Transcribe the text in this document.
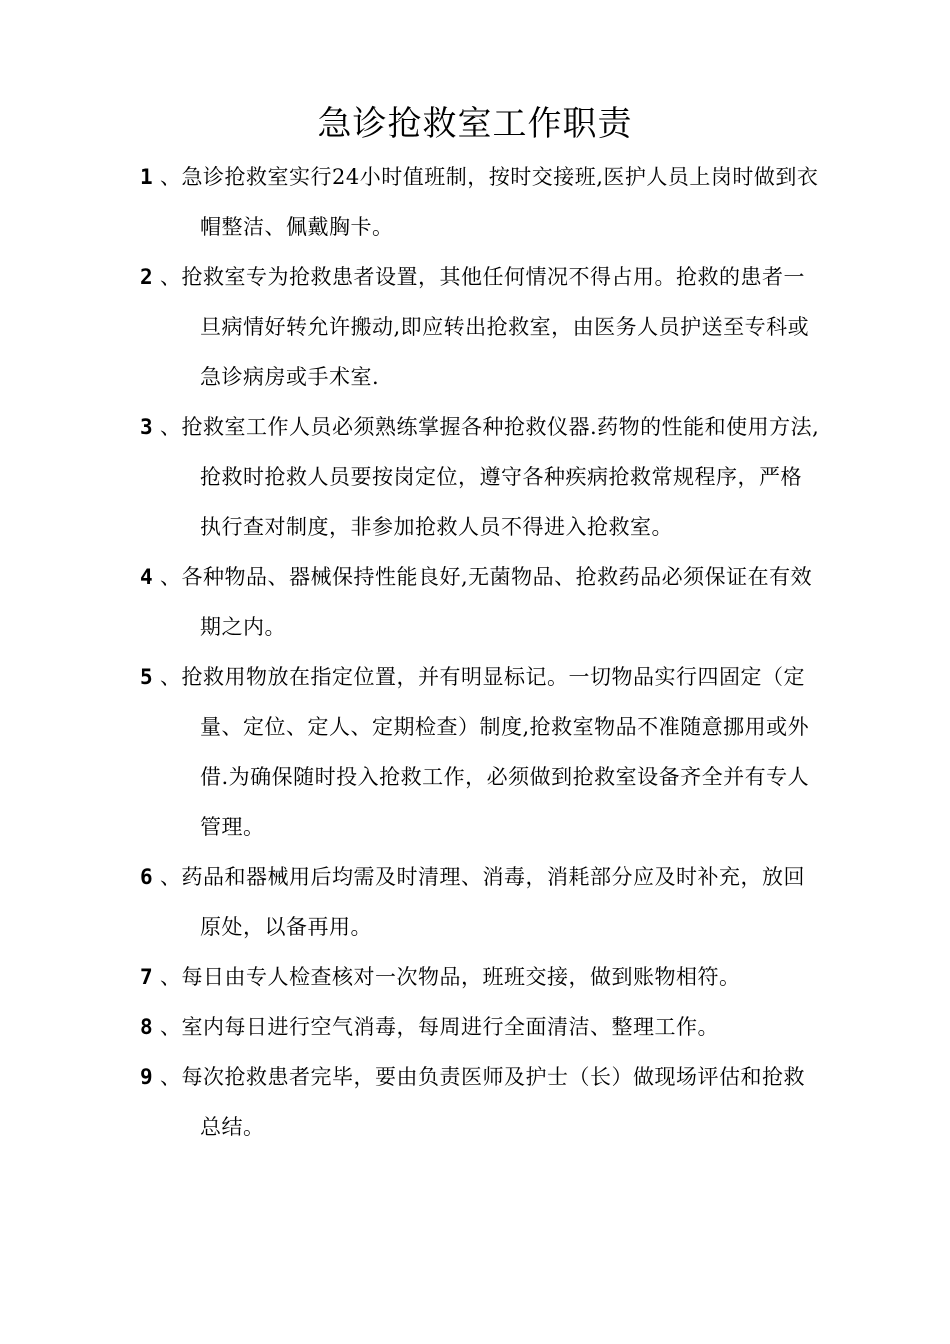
急诊抢救室工作职责
1 、急诊抢救室实行24小时值班制，按时交接班,医护人员上岗时做到衣帽整洁、佩戴胸卡。
2 、抢救室专为抢救患者设置，其他任何情况不得占用。抢救的患者一旦病情好转允许搬动,即应转出抢救室，由医务人员护送至专科或急诊病房或手术室.
3 、抢救室工作人员必须熟练掌握各种抢救仪器.药物的性能和使用方法,抢救时抢救人员要按岗定位，遵守各种疾病抢救常规程序，严格执行查对制度，非参加抢救人员不得进入抢救室。
4 、各种物品、器械保持性能良好,无菌物品、抢救药品必须保证在有效期之内。
5 、抢救用物放在指定位置，并有明显标记。一切物品实行四固定（定量、定位、定人、定期检查）制度,抢救室物品不准随意挪用或外借.为确保随时投入抢救工作，必须做到抢救室设备齐全并有专人管理。
6 、药品和器械用后均需及时清理、消毒，消耗部分应及时补充，放回原处，以备再用。
7 、每日由专人检查核对一次物品，班班交接，做到账物相符。
8 、室内每日进行空气消毒，每周进行全面清洁、整理工作。
9 、每次抢救患者完毕，要由负责医师及护士（长）做现场评估和抢救总结。
